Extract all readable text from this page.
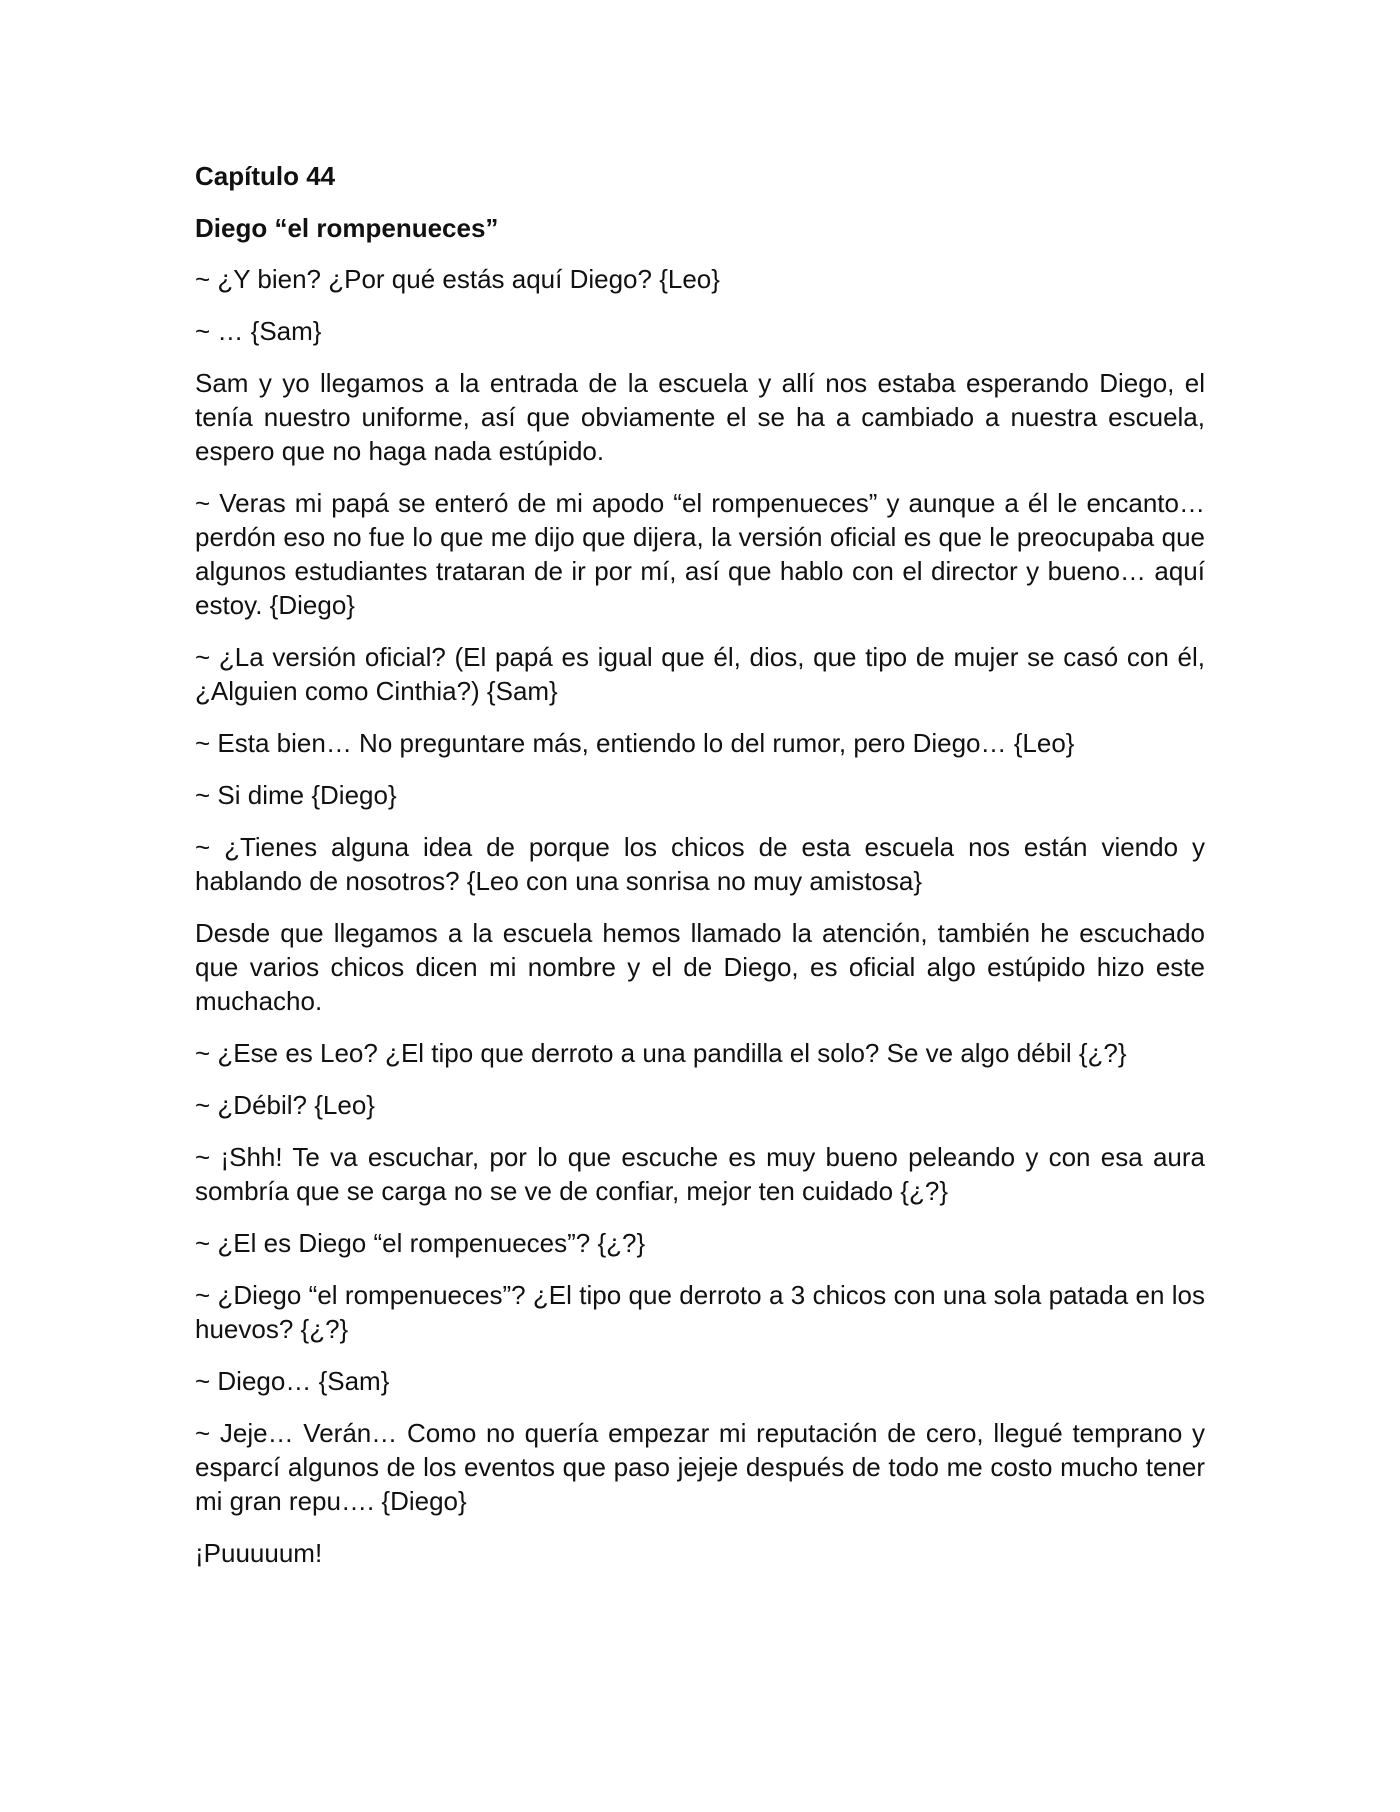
Capítulo 44
Diego “el rompenueces”
~ ¿Y bien? ¿Por qué estás aquí Diego? {Leo}
~ … {Sam}
Sam y yo llegamos a la entrada de la escuela y allí nos estaba esperando Diego, el tenía nuestro uniforme, así que obviamente el se ha a cambiado a nuestra escuela, espero que no haga nada estúpido.
~ Veras mi papá se enteró de mi apodo “el rompenueces” y aunque a él le encanto… perdón eso no fue lo que me dijo que dijera, la versión oficial es que le preocupaba que algunos estudiantes trataran de ir por mí, así que hablo con el director y bueno… aquí estoy. {Diego}
~ ¿La versión oficial? (El papá es igual que él, dios, que tipo de mujer se casó con él, ¿Alguien como Cinthia?) {Sam}
~ Esta bien… No preguntare más, entiendo lo del rumor, pero Diego… {Leo}
~ Si dime {Diego}
~ ¿Tienes alguna idea de porque los chicos de esta escuela nos están viendo y hablando de nosotros? {Leo con una sonrisa no muy amistosa}
Desde que llegamos a la escuela hemos llamado la atención, también he escuchado que varios chicos dicen mi nombre y el de Diego, es oficial algo estúpido hizo este muchacho.
~ ¿Ese es Leo? ¿El tipo que derroto a una pandilla el solo? Se ve algo débil {¿?}
~ ¿Débil? {Leo}
~ ¡Shh! Te va escuchar, por lo que escuche es muy bueno peleando y con esa aura sombría que se carga no se ve de confiar, mejor ten cuidado {¿?}
~ ¿El es Diego “el rompenueces”? {¿?}
~ ¿Diego “el rompenueces”? ¿El tipo que derroto a 3 chicos con una sola patada en los huevos? {¿?}
~ Diego… {Sam}
~ Jeje… Verán… Como no quería empezar mi reputación de cero, llegué temprano y esparcí algunos de los eventos que paso jejeje después de todo me costo mucho tener mi gran repu…. {Diego}
¡Puuuuum!
